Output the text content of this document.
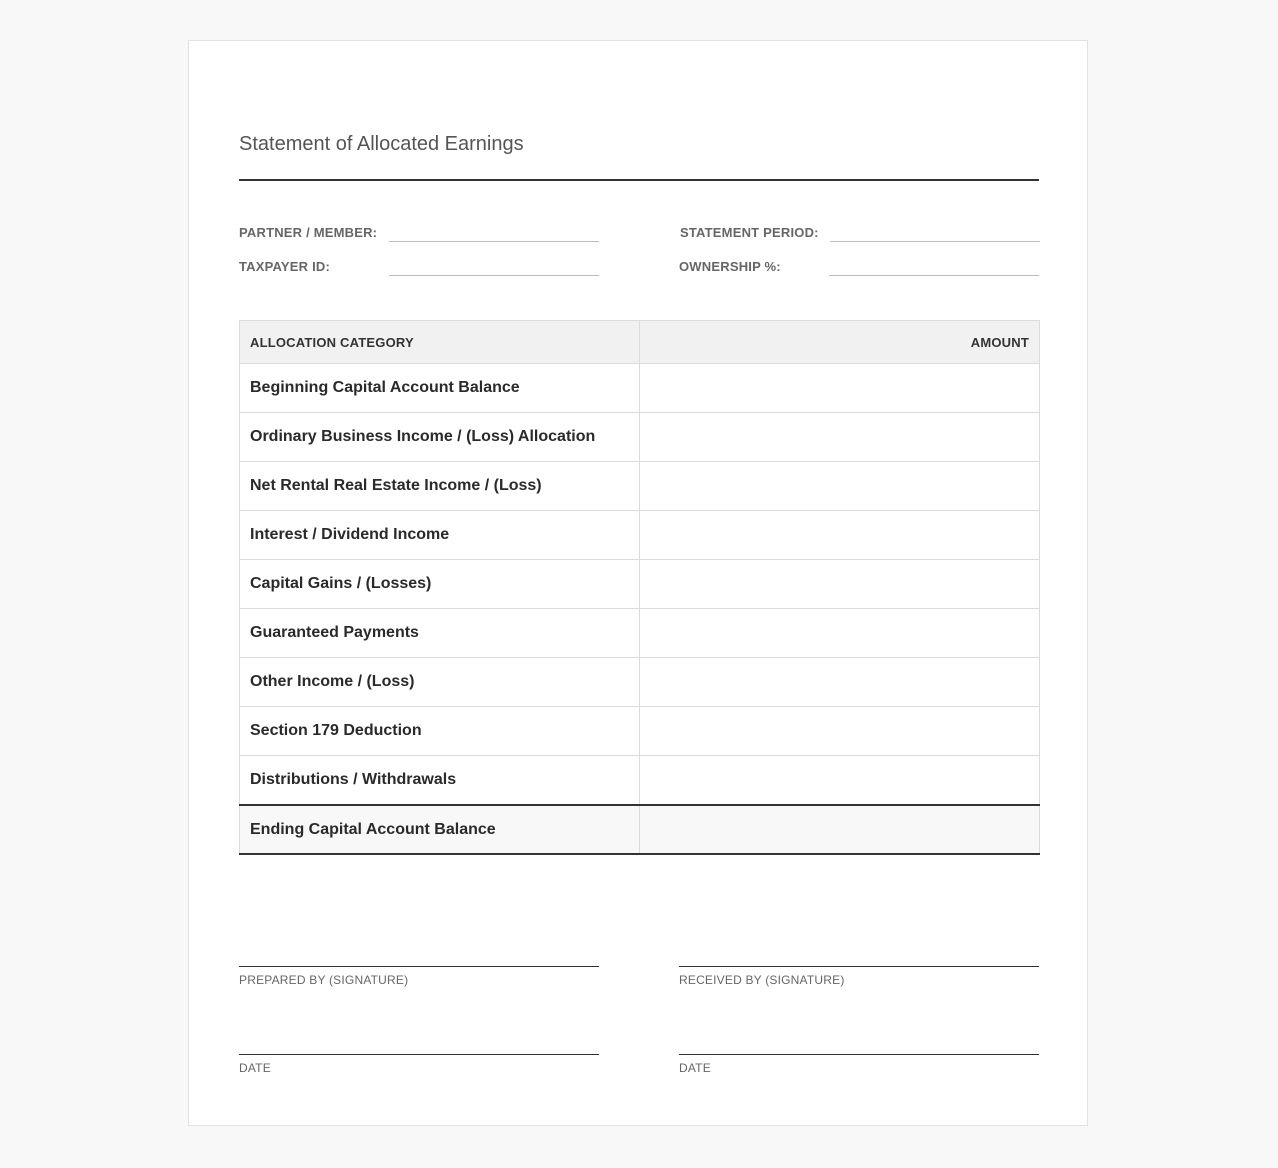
Statement of Allocated Earnings
PARTNER / MEMBER:	STATEMENT PERIOD:
TAXPAYER ID:	OWNERSHIP %:
ALLOCATION CATEGORY	AMOUNT
Beginning Capital Account Balance	
Ordinary Business Income / (Loss) Allocation	
Net Rental Real Estate Income / (Loss)	
Interest / Dividend Income	
Capital Gains / (Losses)	
Guaranteed Payments	
Other Income / (Loss)	
Section 179 Deduction	
Distributions / Withdrawals	
Ending Capital Account Balance	
PREPARED BY (SIGNATURE)	RECEIVED BY (SIGNATURE)
DATE	DATE
